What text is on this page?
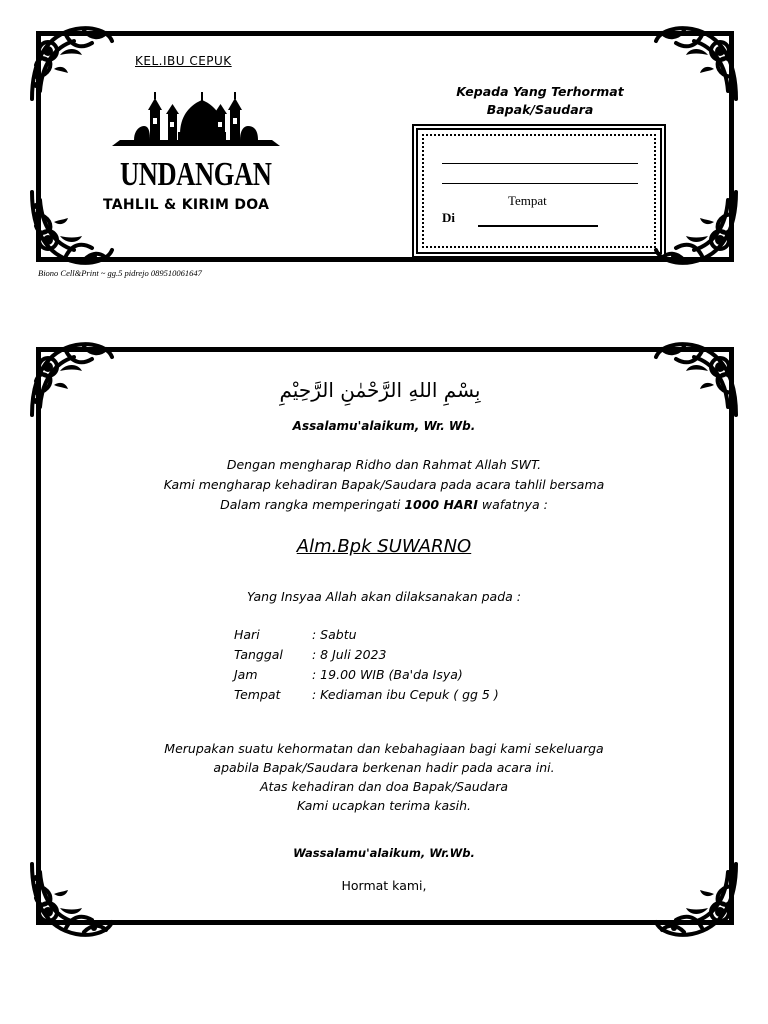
KEL.IBU CEPUK
UNDANGAN
TAHLIL & KIRIM DOA
Biono Cell&Print ~ gg.5 pidrejo 089510061647
Kepada Yang Terhormat
Bapak/Saudara
Tempat
Di
بِسْمِ اللهِ الرَّحْمٰنِ الرَّحِيْمِ
Assalamu'alaikum, Wr. Wb.
Dengan mengharap Ridho dan Rahmat Allah SWT.
Kami mengharap kehadiran Bapak/Saudara pada acara tahlil bersama
Dalam rangka memperingati 1000 HARI wafatnya :
Alm.Bpk SUWARNO
Yang Insyaa Allah akan dilaksanakan pada :
Hari	: Sabtu
Tanggal	: 8 Juli 2023
Jam	: 19.00 WIB (Ba'da Isya)
Tempat	: Kediaman ibu Cepuk ( gg 5 )
Merupakan suatu kehormatan dan kebahagiaan bagi kami sekeluarga
apabila Bapak/Saudara berkenan hadir pada acara ini.
Atas kehadiran dan doa Bapak/Saudara
Kami ucapkan terima kasih.
Wassalamu'alaikum, Wr.Wb.
Hormat kami,
